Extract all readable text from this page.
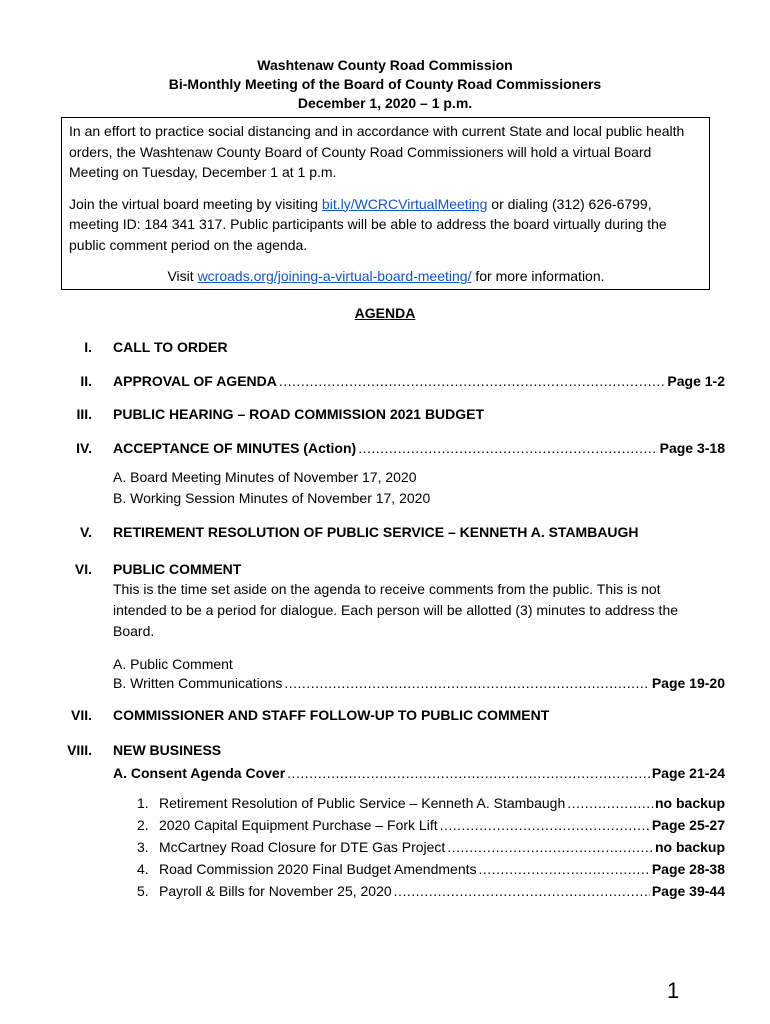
Washtenaw County Road Commission
Bi-Monthly Meeting of the Board of County Road Commissioners
December 1, 2020 – 1 p.m.

In an effort to practice social distancing and in accordance with current State and local public health orders, the Washtenaw County Board of County Road Commissioners will hold a virtual Board Meeting on Tuesday, December 1 at 1 p.m.

Join the virtual board meeting by visiting bit.ly/WCRCVirtualMeeting or dialing (312) 626-6799, meeting ID: 184 341 317. Public participants will be able to address the board virtually during the public comment period on the agenda.

Visit wcroads.org/joining-a-virtual-board-meeting/ for more information.

AGENDA
I. CALL TO ORDER
II. APPROVAL OF AGENDA .....	Page 1-2
III. PUBLIC HEARING – ROAD COMMISSION 2021 BUDGET
IV. ACCEPTANCE OF MINUTES (Action) .....	Page 3-18
A. Board Meeting Minutes of November 17, 2020
B. Working Session Minutes of November 17, 2020
V. RETIREMENT RESOLUTION OF PUBLIC SERVICE – KENNETH A. STAMBAUGH
VI. PUBLIC COMMENT
This is the time set aside on the agenda to receive comments from the public. This is not intended to be a period for dialogue. Each person will be allotted (3) minutes to address the Board.
A. Public Comment
B. Written Communications .....	Page 19-20
VII. COMMISSIONER AND STAFF FOLLOW-UP TO PUBLIC COMMENT
VIII. NEW BUSINESS
A. Consent Agenda Cover .....	Page 21-24
1. Retirement Resolution of Public Service – Kenneth A. Stambaugh .....	no backup
2. 2020 Capital Equipment Purchase – Fork Lift .....	Page 25-27
3. McCartney Road Closure for DTE Gas Project .....	no backup
4. Road Commission 2020 Final Budget Amendments .....	Page 28-38
5. Payroll & Bills for November 25, 2020 .....	Page 39-44
1
